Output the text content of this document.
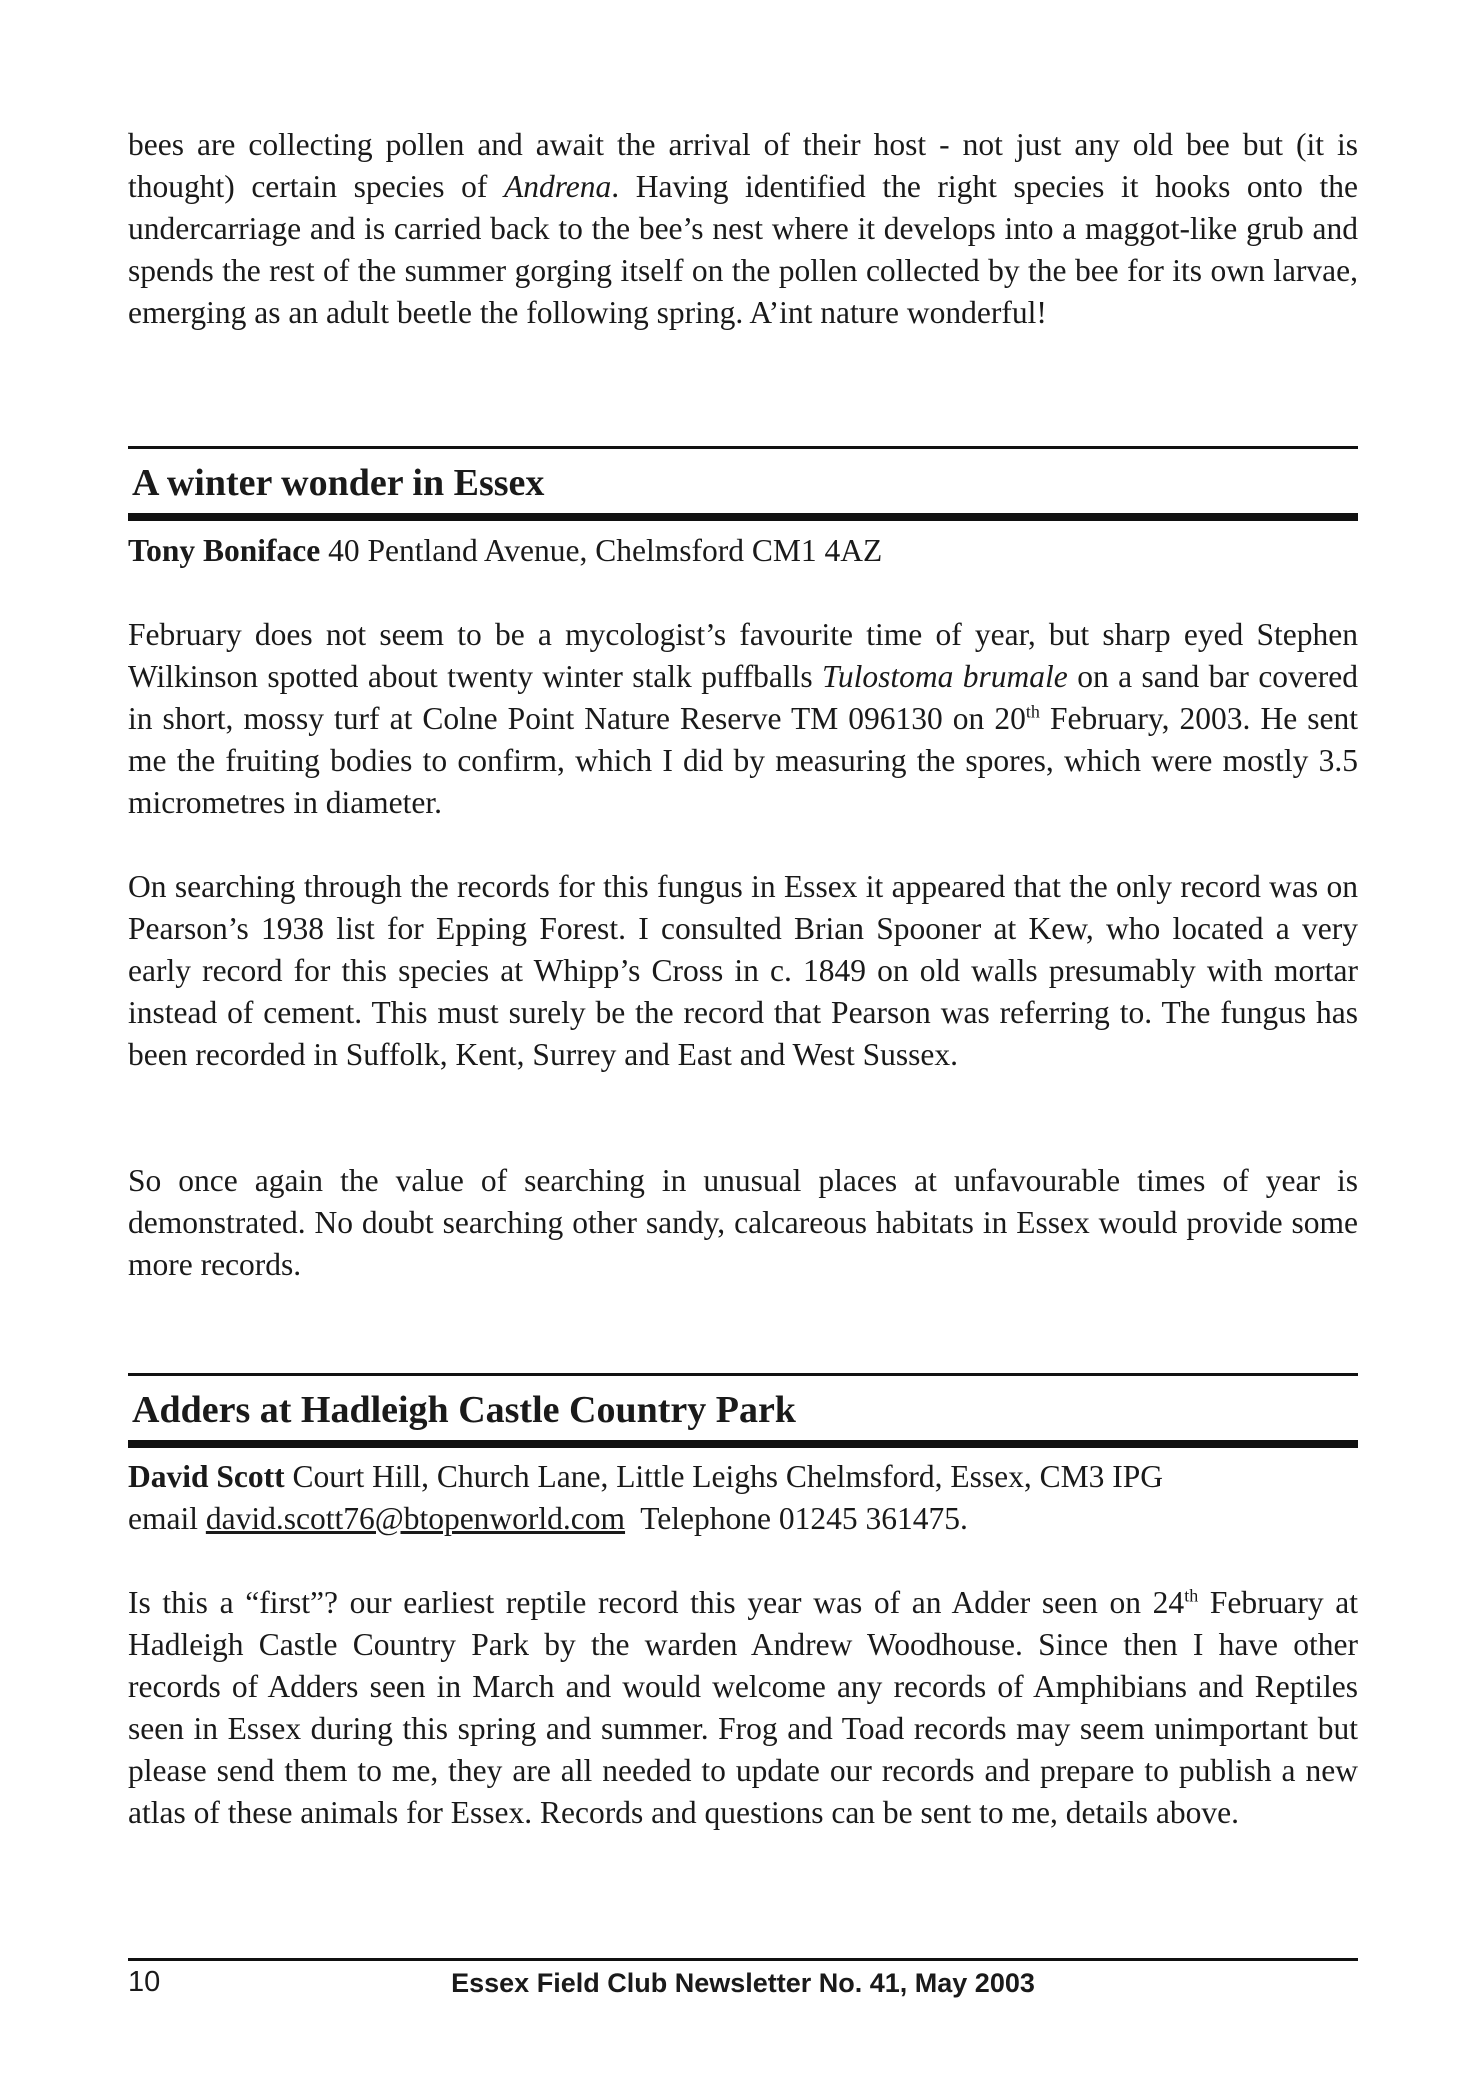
bees are collecting pollen and await the arrival of their host - not just any old bee but (it is thought) certain species of Andrena. Having identified the right species it hooks onto the undercarriage and is carried back to the bee’s nest where it develops into a maggot-like grub and spends the rest of the summer gorging itself on the pollen collected by the bee for its own larvae, emerging as an adult beetle the following spring. A’int nature wonderful!

A winter wonder in Essex

Tony Boniface 40 Pentland Avenue, Chelmsford CM1 4AZ

February does not seem to be a mycologist’s favourite time of year, but sharp eyed Stephen Wilkinson spotted about twenty winter stalk puffballs Tulostoma brumale on a sand bar covered in short, mossy turf at Colne Point Nature Reserve TM 096130 on 20th February, 2003. He sent me the fruiting bodies to confirm, which I did by measuring the spores, which were mostly 3.5 micrometres in diameter.

On searching through the records for this fungus in Essex it appeared that the only record was on Pearson’s 1938 list for Epping Forest. I consulted Brian Spooner at Kew, who located a very early record for this species at Whipp’s Cross in c. 1849 on old walls presumably with mortar instead of cement. This must surely be the record that Pearson was referring to. The fungus has been recorded in Suffolk, Kent, Surrey and East and West Sussex.

So once again the value of searching in unusual places at unfavourable times of year is demonstrated. No doubt searching other sandy, calcareous habitats in Essex would provide some more records.

Adders at Hadleigh Castle Country Park

David Scott Court Hill, Church Lane, Little Leighs Chelmsford, Essex, CM3 IPG
email david.scott76@btopenworld.com  Telephone 01245 361475.

Is this a “first”? our earliest reptile record this year was of an Adder seen on 24th February at Hadleigh Castle Country Park by the warden Andrew Woodhouse. Since then I have other records of Adders seen in March and would welcome any records of Amphibians and Reptiles seen in Essex during this spring and summer. Frog and Toad records may seem unimportant but please send them to me, they are all needed to update our records and prepare to publish a new atlas of these animals for Essex. Records and questions can be sent to me, details above.

10	Essex Field Club Newsletter No. 41, May 2003
